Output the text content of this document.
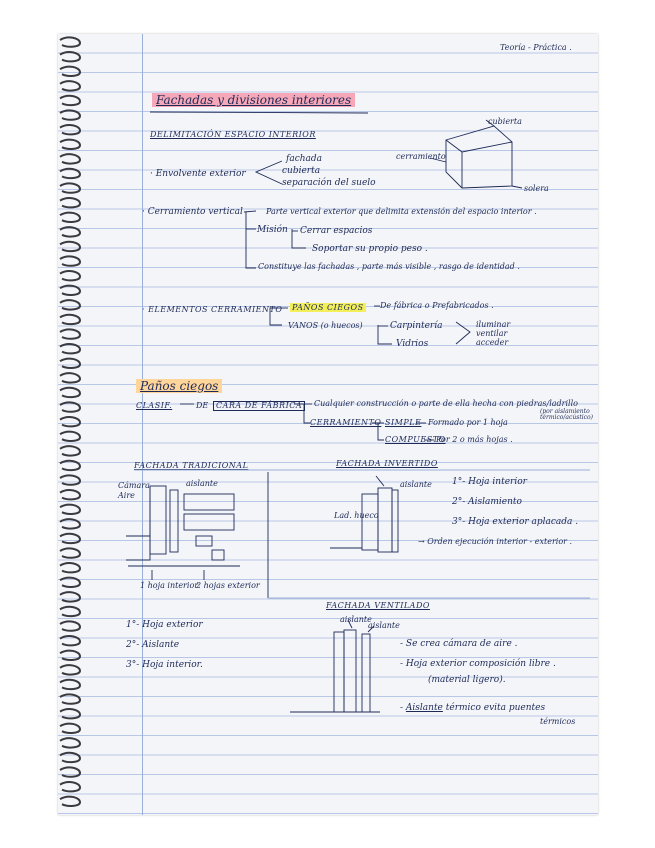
Teoría - Práctica .
Fachadas y divisiones interiores
DELIMITACIÓN ESPACIO INTERIOR
· Envolvente exterior
fachada
cubierta
separación del suelo
cubierta
cerramiento
solera
· Cerramiento vertical	Parte vertical exterior que delimita extensión del espacio interior .
Misión Cerrar espacios
Soportar su propio peso .
Constituye las fachadas , parte más visible , rasgo de identidad .
· ELEMENTOS CERRAMIENTO PAÑOS CIEGOS De fábrica o Prefabricados .
VANOS (o huecos)	Carpintería
Vidrios
iluminar
ventilar
acceder
Paños ciegos
CLASIF.	DE CARA DE FÁBRICA	Cualquier construcción o parte de ella hecha con piedras/ladrillo
(por aislamiento térmico/acústico)
CERRAMIENTO SIMPLE Formado por 1 hoja
COMPUESTO
Por 2 o más hojas .
FACHADA TRADICIONAL
Cámara
Aire
aislante
1 hoja interior
2 hojas exterior
1°- Hoja exterior
2°- Aislante
3°- Hoja interior.
FACHADA INVERTIDO
aislante
Lad. hueco
1°- Hoja interior
2°- Aislamiento
3°- Hoja exterior aplacada .
→ Orden ejecución interior - exterior .
FACHADA VENTILADO
aislante
aislante
- Se crea cámara de aire .
- Hoja exterior composición libre .
(material ligero).
- Aislante térmico evita puentes
térmicos
